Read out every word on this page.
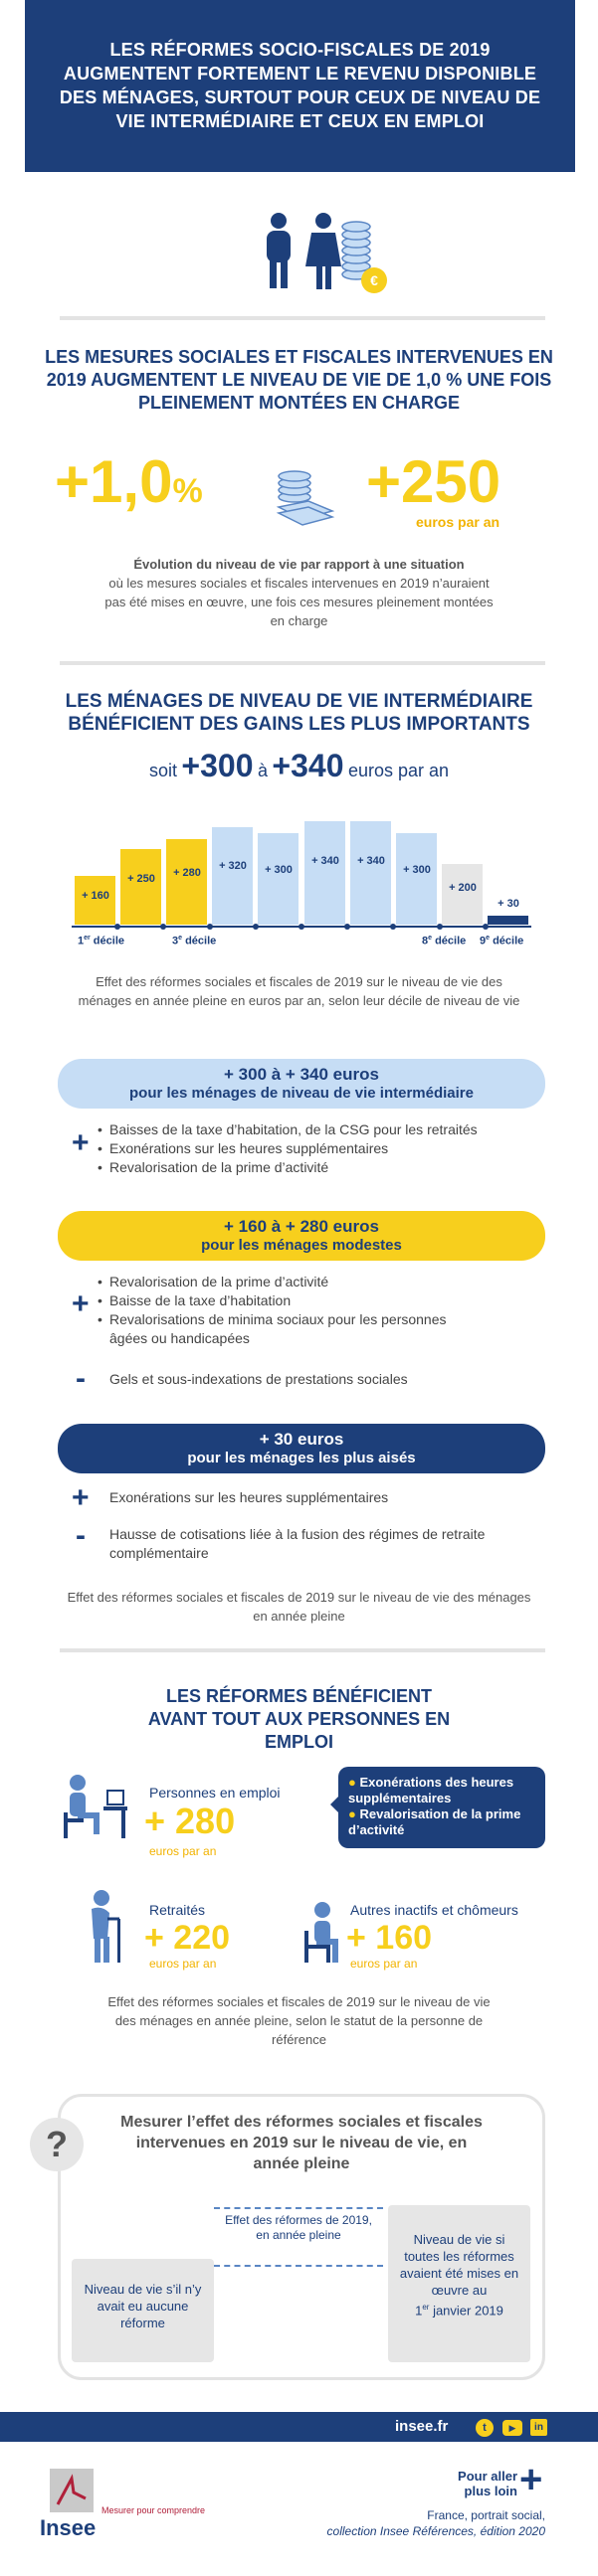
LES RÉFORMES SOCIO-FISCALES DE 2019 AUGMENTENT FORTEMENT LE REVENU DISPONIBLE DES MÉNAGES, SURTOUT POUR CEUX DE NIVEAU DE VIE INTERMÉDIAIRE ET CEUX EN EMPLOI
€
LES MESURES SOCIALES ET FISCALES INTERVENUES EN 2019 AUGMENTENT LE NIVEAU DE VIE DE 1,0 % UNE FOIS PLEINEMENT MONTÉES EN CHARGE
+1,0%	+250
euros par an
Évolution du niveau de vie par rapport à une situation
où les mesures sociales et fiscales intervenues en 2019 n’auraient pas été mises en œuvre, une fois ces mesures pleinement montées en charge
LES MÉNAGES DE NIVEAU DE VIE INTERMÉDIAIRE BÉNÉFICIENT DES GAINS LES PLUS IMPORTANTS
soit +300 à +340 euros par an
+ 160
+ 250	+ 280
+ 320	+ 300
+ 340	+ 340
+ 300
+ 200
+ 30
1er décile	3e décile	8e décile 9e décile
Effet des réformes sociales et fiscales de 2019 sur le niveau de vie des ménages en année pleine en euros par an, selon leur décile de niveau de vie
+ 300 à + 340 euros
pour les ménages de niveau de vie intermédiaire
+
•	Baisses de la taxe d’habitation, de la CSG pour les retraités
• Exonérations sur les heures supplémentaires
• Revalorisation de la prime d’activité
+ 160 à + 280 euros
pour les ménages modestes
+
• Revalorisation de la prime d’activité
• Baisse de la taxe d’habitation
• Revalorisations de minima sociaux pour les personnes âgées ou handicapées
- Gels et sous-indexations de prestations sociales
+ 30 euros
pour les ménages les plus aisés
+ Exonérations sur les heures supplémentaires
- Hausse de cotisations liée à la fusion des régimes de retraite complémentaire
Effet des réformes sociales et fiscales de 2019 sur le niveau de vie des ménages en année pleine
LES RÉFORMES BÉNÉFICIENT AVANT TOUT AUX PERSONNES EN EMPLOI
Personnes en emploi
+ 280
euros par an
● Exonérations des heures supplémentaires
● Revalorisation de la prime d’activité
Retraités
+ 220
euros par an
Autres inactifs et chômeurs
+ 160
euros par an
Effet des réformes sociales et fiscales de 2019 sur le niveau de vie des ménages en année pleine, selon le statut de la personne de référence
?
Mesurer l’effet des réformes sociales et fiscales intervenues en 2019 sur le niveau de vie, en année pleine
Niveau de vie s’il n’y avait eu aucune réforme
Effet des réformes de 2019, en année pleine	Niveau de vie si toutes les réformes avaient été mises en œuvre au
1er janvier 2019
insee.fr	t	▶	in
Insee
Mesurer pour comprendre
Pour aller
plus loin +
France, portrait social,
collection Insee Références, édition 2020
